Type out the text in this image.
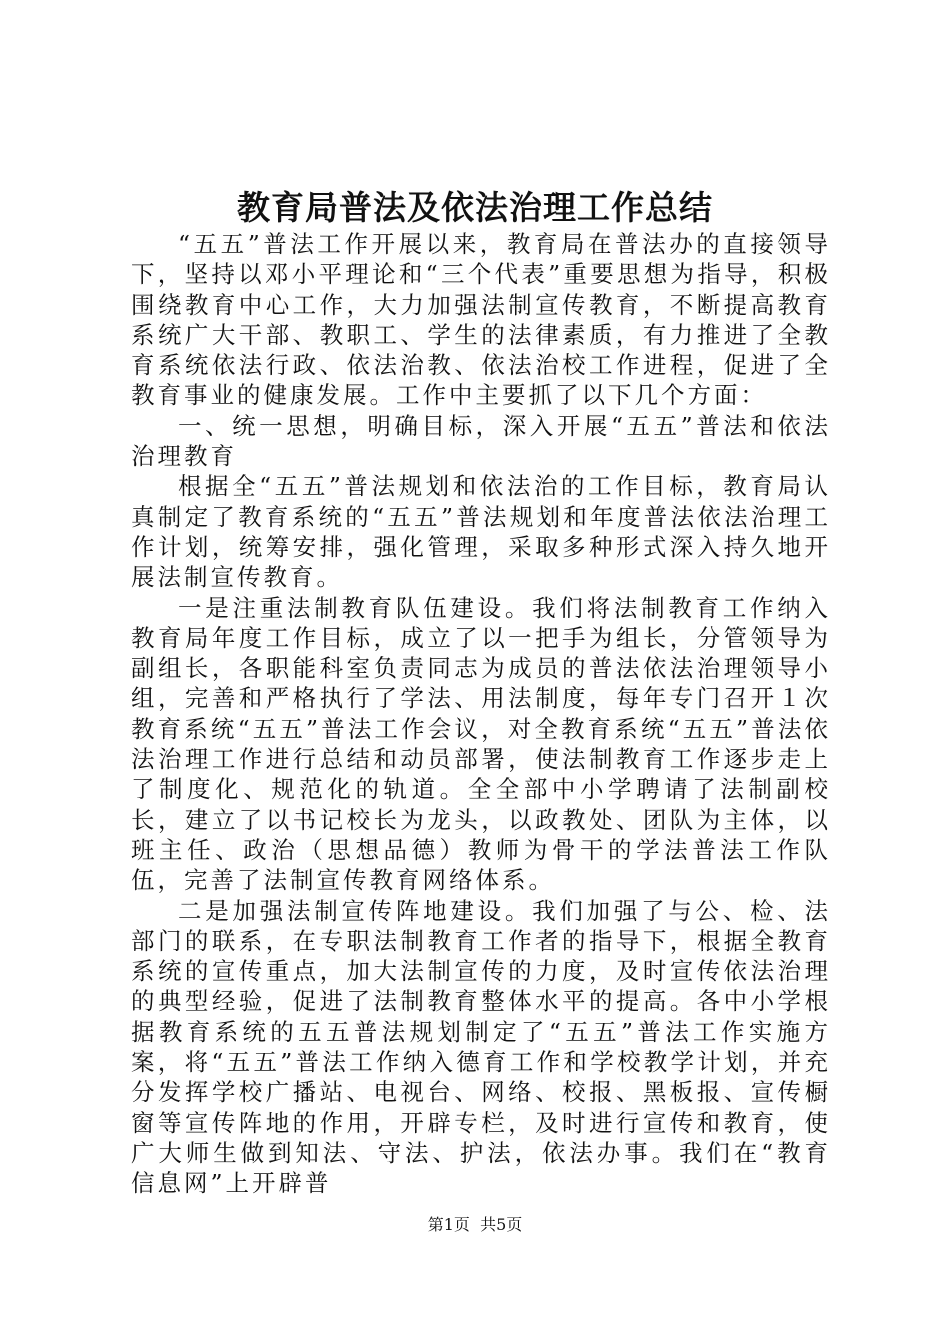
教育局普法及依法治理工作总结

“五五”普法工作开展以来，教育局在普法办的直接领导下，坚持以邓小平理论和“三个代表”重要思想为指导，积极围绕教育中心工作，大力加强法制宣传教育，不断提高教育系统广大干部、教职工、学生的法律素质，有力推进了全教育系统依法行政、依法治教、依法治校工作进程，促进了全教育事业的健康发展。工作中主要抓了以下几个方面：

一、统一思想，明确目标，深入开展“五五”普法和依法治理教育

根据全“五五”普法规划和依法治的工作目标，教育局认真制定了教育系统的“五五”普法规划和年度普法依法治理工作计划，统筹安排，强化管理，采取多种形式深入持久地开展法制宣传教育。

一是注重法制教育队伍建设。我们将法制教育工作纳入教育局年度工作目标，成立了以一把手为组长，分管领导为副组长，各职能科室负责同志为成员的普法依法治理领导小组，完善和严格执行了学法、用法制度，每年专门召开１次教育系统“五五”普法工作会议，对全教育系统“五五”普法依法治理工作进行总结和动员部署，使法制教育工作逐步走上了制度化、规范化的轨道。全全部中小学聘请了法制副校长，建立了以书记校长为龙头，以政教处、团队为主体，以班主任、政治（思想品德）教师为骨干的学法普法工作队伍，完善了法制宣传教育网络体系。

二是加强法制宣传阵地建设。我们加强了与公、检、法部门的联系，在专职法制教育工作者的指导下，根据全教育系统的宣传重点，加大法制宣传的力度，及时宣传依法治理的典型经验，促进了法制教育整体水平的提高。各中小学根据教育系统的五五普法规划制定了“五五”普法工作实施方案，将“五五”普法工作纳入德育工作和学校教学计划，并充分发挥学校广播站、电视台、网络、校报、黑板报、宣传橱窗等宣传阵地的作用，开辟专栏，及时进行宣传和教育，使广大师生做到知法、守法、护法，依法办事。我们在“教育信息网”上开辟普

第1页  共5页
